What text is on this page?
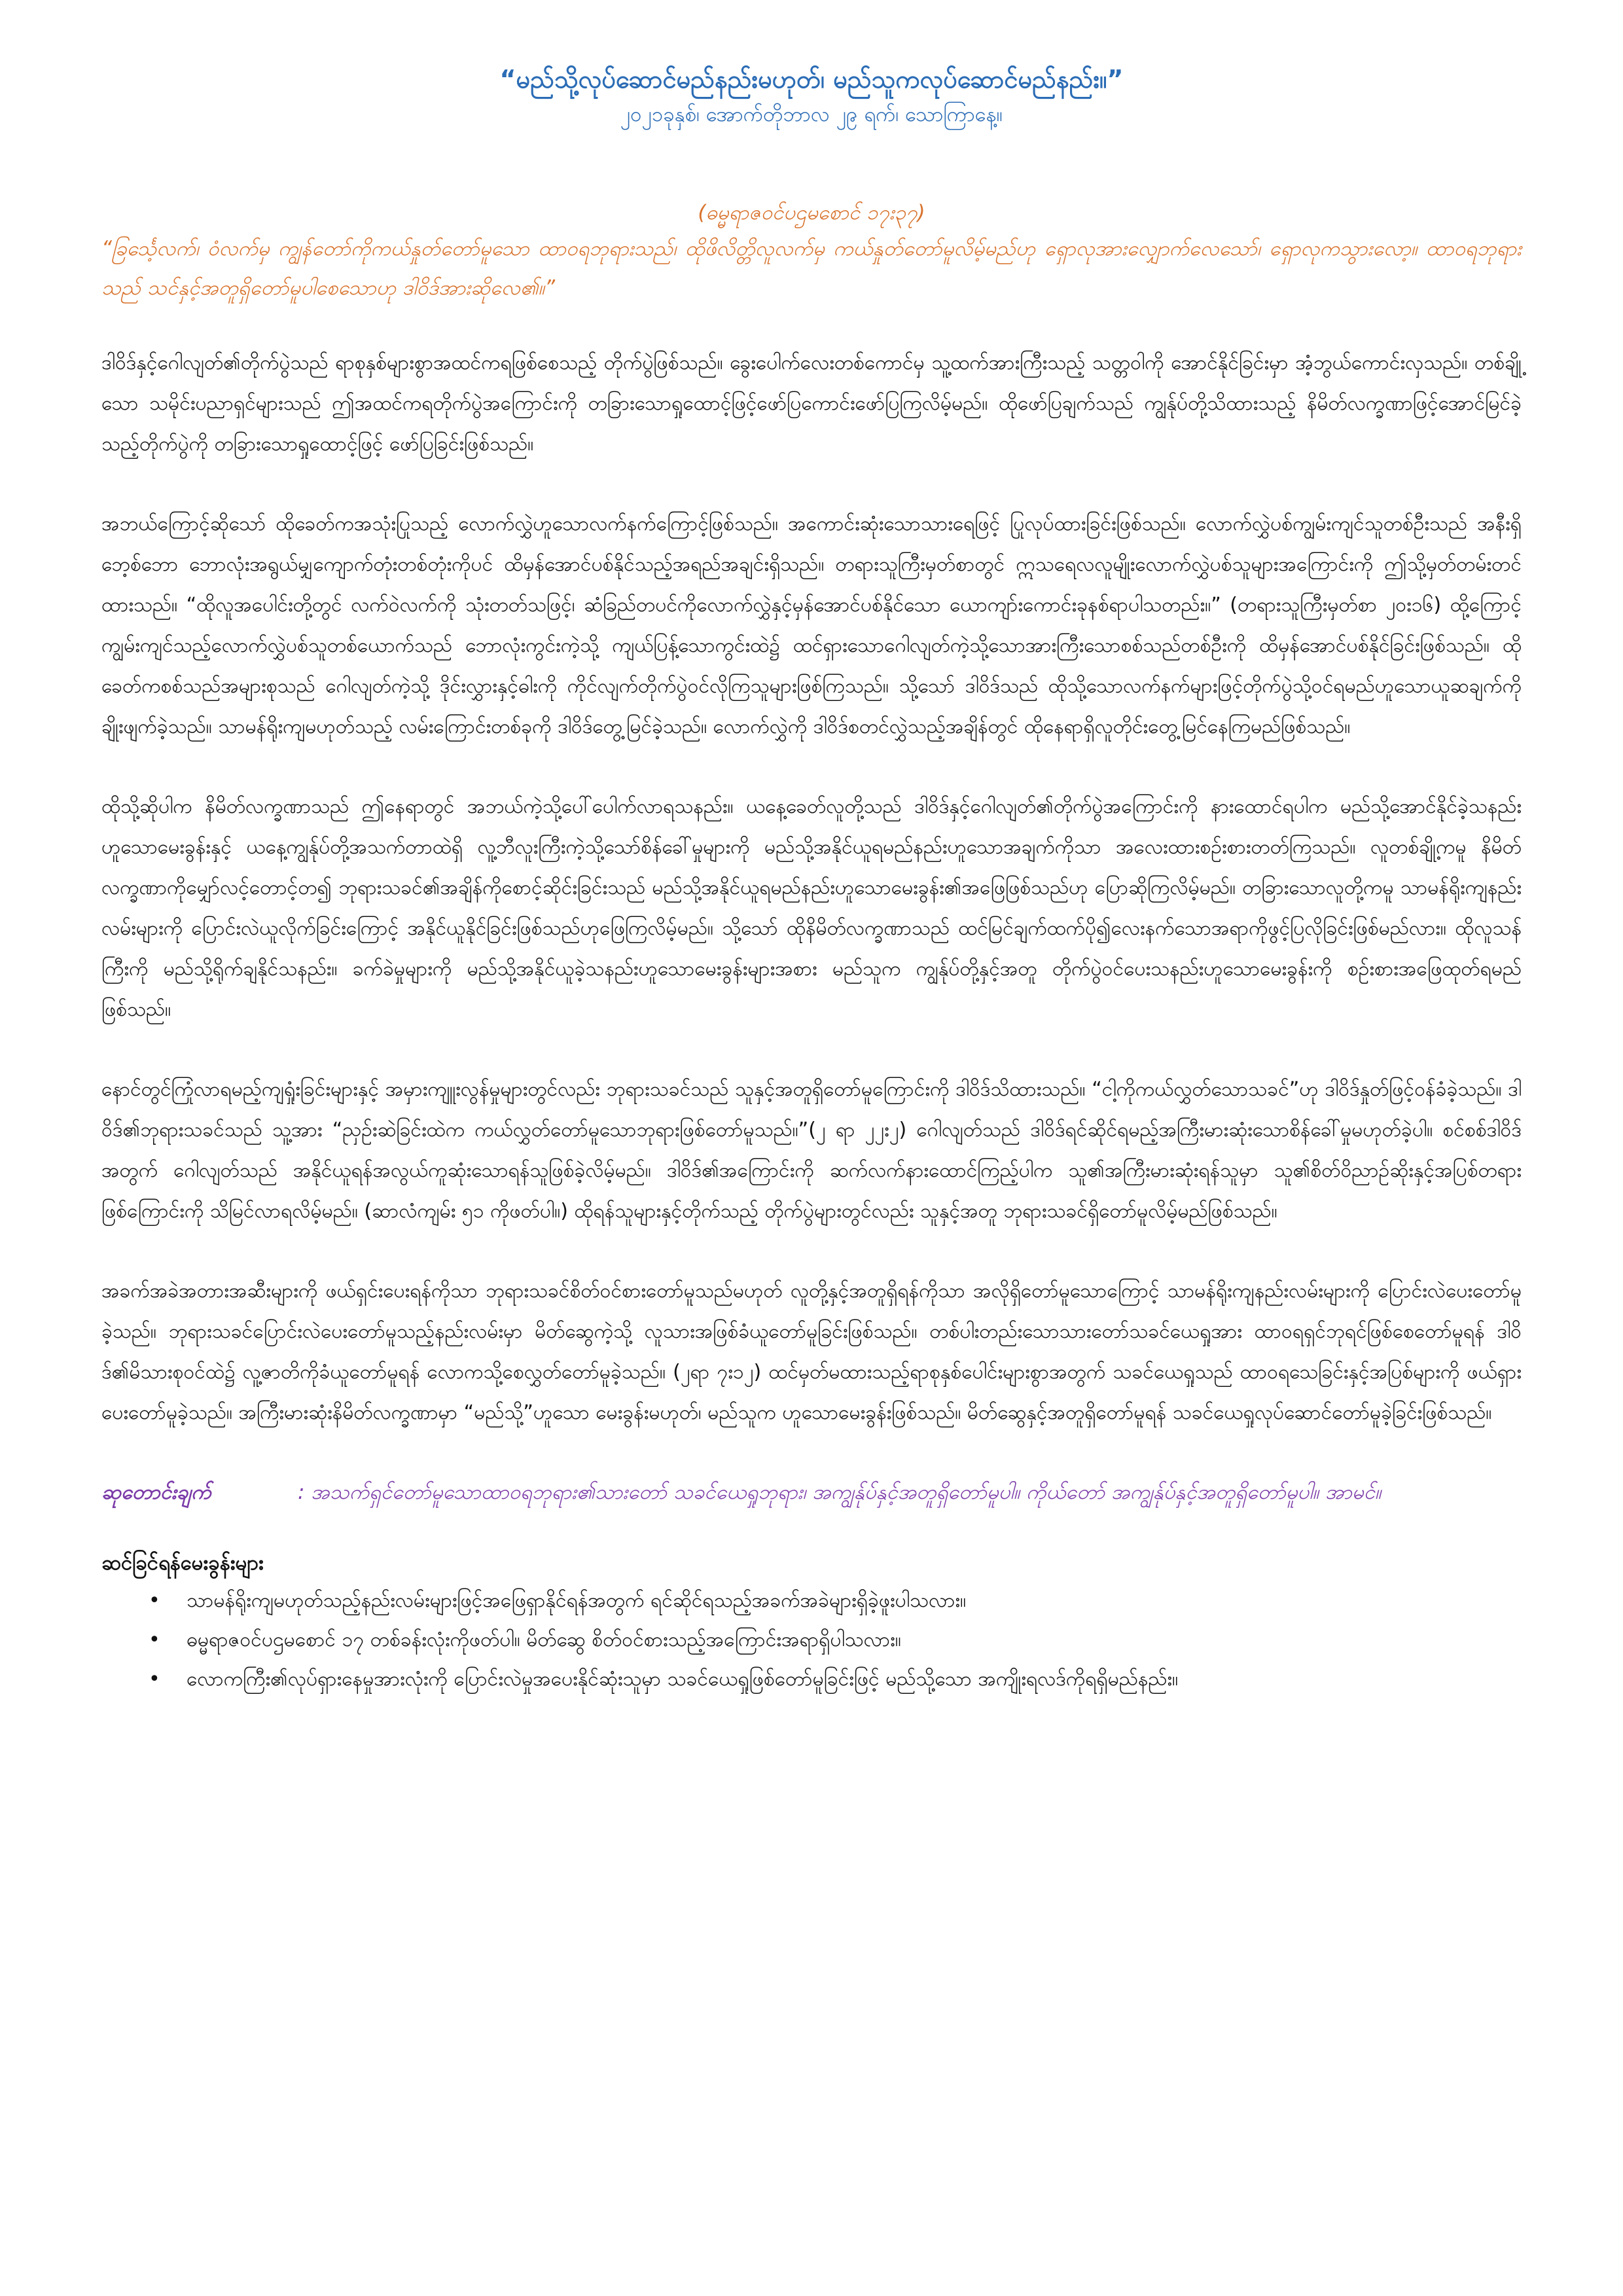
“မည်သို့လုပ်ဆောင်မည်နည်းမဟုတ်၊ မည်သူကလုပ်ဆောင်မည်နည်း။”

၂၀၂၁ခုနှစ်၊ အောက်တိုဘာလ ၂၉ ရက်၊ သောကြာနေ့။

(ဓမ္မရာဇဝင်ပဌမစောင် ၁၇း၃၇)

“ခြင်္သေ့လက်၊ ဝံလက်မှ ကျွန်တော်ကိုကယ်နှုတ်တော်မူသော ထာဝရဘုရားသည်၊ ထိုဖိလိတ္တိလူလက်မှ ကယ်နှုတ်တော်မူလိမ့်မည်ဟု ရှောလုအားလျှောက်လေသော်၊ ရှောလုကသွားလော့။ ထာဝရဘုရားသည် သင်နှင့်အတူရှိတော်မူပါစေသောဟု ဒါဝိဒ်အားဆိုလေ၏။”

ဒါဝိဒ်နှင့်ဂေါလျတ်၏တိုက်ပွဲသည် ရာစုနှစ်များစွာအထင်ကရဖြစ်စေသည့် တိုက်ပွဲဖြစ်သည်။ ခွေးပေါက်လေးတစ်ကောင်မှ သူ့ထက်အားကြီးသည့် သတ္တဝါကို အောင်နိုင်ခြင်းမှာ အံ့ဘွယ်ကောင်းလှသည်။ တစ်ချို့သော သမိုင်းပညာရှင်များသည် ဤအထင်ကရတိုက်ပွဲအကြောင်းကို တခြားသောရှုထောင့်ဖြင့်ဖော်ပြကောင်းဖော်ပြကြလိမ့်မည်။ ထိုဖော်ပြချက်သည် ကျွန်ုပ်တို့သိထားသည့် နိမိတ်လက္ခဏာဖြင့်အောင်မြင်ခဲ့သည့်တိုက်ပွဲကို တခြားသောရှုထောင့်ဖြင့် ဖော်ပြခြင်းဖြစ်သည်။

အဘယ်ကြောင့်ဆိုသော် ထိုခေတ်ကအသုံးပြုသည့် လောက်လွှဲဟူသောလက်နက်ကြောင့်ဖြစ်သည်။ အကောင်းဆုံးသောသားရေဖြင့် ပြုလုပ်ထားခြင်းဖြစ်သည်။ လောက်လွှဲပစ်ကျွမ်းကျင်သူတစ်ဦးသည် အနီးရှိဘေ့စ်ဘော ဘောလုံးအရွယ်မျှကျောက်တုံးတစ်တုံးကိုပင် ထိမှန်အောင်ပစ်နိုင်သည့်အရည်အချင်းရှိသည်။ တရားသူကြီးမှတ်စာတွင် ဣသရေလလူမျိုးလောက်လွှဲပစ်သူများအကြောင်းကို ဤသို့မှတ်တမ်းတင်ထားသည်။ “ထိုလူအပေါင်းတို့တွင် လက်ဝဲလက်ကို သုံးတတ်သဖြင့်၊ ဆံခြည်တပင်ကိုလောက်လွှဲနှင့်မှန်အောင်ပစ်နိုင်သော ယောကျာ်းကောင်းခုနစ်ရာပါသတည်း။” (တရားသူကြီးမှတ်စာ ၂၀း၁၆) ထို့ကြောင့် ကျွမ်းကျင်သည့်လောက်လွှဲပစ်သူတစ်ယောက်သည် ဘောလုံးကွင်းကဲ့သို့ ကျယ်ပြန့်သောကွင်းထဲ၌ ထင်ရှားသောဂေါလျတ်ကဲ့သို့သောအားကြီးသောစစ်သည်တစ်ဦးကို ထိမှန်အောင်ပစ်နိုင်ခြင်းဖြစ်သည်။ ထိုခေတ်ကစစ်သည်အများစုသည် ဂေါလျတ်ကဲ့သို့ ဒိုင်းလွှားနှင့်ဓါးကို ကိုင်လျက်တိုက်ပွဲဝင်လိုကြသူများဖြစ်ကြသည်။ သို့သော် ဒါဝိဒ်သည် ထိုသို့သောလက်နက်များဖြင့်တိုက်ပွဲသို့ဝင်ရမည်ဟူသောယူဆချက်ကို ချိုးဖျက်ခဲ့သည်။ သာမန်ရိုးကျမဟုတ်သည့် လမ်းကြောင်းတစ်ခုကို ဒါဝိဒ်တွေ့မြင်ခဲ့သည်။ လောက်လွှဲကို ဒါဝိဒ်စတင်လွှဲသည့်အချိန်တွင် ထိုနေရာရှိလူတိုင်းတွေ့မြင်နေကြမည်ဖြစ်သည်။

ထိုသို့ဆိုပါက နိမိတ်လက္ခဏာသည် ဤနေရာတွင် အဘယ်ကဲ့သို့ပေါ်ပေါက်လာရသနည်း။ ယနေ့ခေတ်လူတို့သည် ဒါဝိဒ်နှင့်ဂေါလျတ်၏တိုက်ပွဲအကြောင်းကို နားထောင်ရပါက မည်သို့အောင်နိုင်ခဲ့သနည်းဟူသောမေးခွန်းနှင့် ယနေ့ကျွန်ုပ်တို့အသက်တာထဲရှိ လူ့ဘီလူးကြီးကဲ့သို့သော်စိန်ခေါ်မှုများကို မည်သို့အနိုင်ယူရမည်နည်းဟူသောအချက်ကိုသာ အလေးထားစဉ်းစားတတ်ကြသည်။ လူတစ်ချို့ကမူ နိမိတ်လက္ခဏာကိုမျှော်လင့်တောင့်တ၍ ဘုရားသခင်၏အချိန်ကိုစောင့်ဆိုင်းခြင်းသည် မည်သို့အနိုင်ယူရမည်နည်းဟူသောမေးခွန်း၏အဖြေဖြစ်သည်ဟု ပြောဆိုကြလိမ့်မည်။ တခြားသောလူတို့ကမူ သာမန်ရိုးကျနည်းလမ်းများကို ပြောင်းလဲယူလိုက်ခြင်းကြောင့် အနိုင်ယူနိုင်ခြင်းဖြစ်သည်ဟုဖြေကြလိမ့်မည်။ သို့သော် ထိုနိမိတ်လက္ခဏာသည် ထင်မြင်ချက်ထက်ပို၍လေးနက်သောအရာကိုဖွင့်ပြလိုခြင်းဖြစ်မည်လား။ ထိုလူသန်ကြီးကို မည်သို့ရိုက်ချနိုင်သနည်း။ ခက်ခဲမှုများကို မည်သို့အနိုင်ယူခဲ့သနည်းဟူသောမေးခွန်းများအစား မည်သူက ကျွန်ုပ်တို့နှင့်အတူ တိုက်ပွဲဝင်ပေးသနည်းဟူသောမေးခွန်းကို စဉ်းစားအဖြေထုတ်ရမည်ဖြစ်သည်။

နောင်တွင်ကြုံလာရမည့်ကျရှုံးခြင်းများနှင့် အမှားကျူးလွန်မှုများတွင်လည်း ဘုရားသခင်သည် သူနှင့်အတူရှိတော်မူကြောင်းကို ဒါဝိဒ်သိထားသည်။ “ငါ့ကိုကယ်လွှတ်သောသခင်”ဟု ဒါဝိဒ်နှုတ်ဖြင့်ဝန်ခံခဲ့သည်။ ဒါဝိဒ်၏ဘုရားသခင်သည် သူ့အား “ညှဥ်းဆဲခြင်းထဲက ကယ်လွှတ်တော်မူသောဘုရားဖြစ်တော်မူသည်။”(၂ ရာ ၂၂း၂) ဂေါလျတ်သည် ဒါဝိဒ်ရင်ဆိုင်ရမည့်အကြီးမားဆုံးသောစိန်ခေါ်မှုမဟုတ်ခဲ့ပါ။ စင်စစ်ဒါဝိဒ်အတွက် ဂေါလျတ်သည် အနိုင်ယူရန်အလွယ်ကူဆုံးသောရန်သူဖြစ်ခဲ့လိမ့်မည်။ ဒါဝိဒ်၏အကြောင်းကို ဆက်လက်နားထောင်ကြည့်ပါက သူ၏အကြီးမားဆုံးရန်သူမှာ သူ၏စိတ်ဝိညာဥ်ဆိုးနှင့်အပြစ်တရားဖြစ်ကြောင်းကို သိမြင်လာရလိမ့်မည်။ (ဆာလံကျမ်း ၅၁ ကိုဖတ်ပါ။) ထိုရန်သူများနှင့်တိုက်သည့် တိုက်ပွဲများတွင်လည်း သူနှင့်အတူ ဘုရားသခင်ရှိတော်မူလိမ့်မည်ဖြစ်သည်။

အခက်အခဲအတားအဆီးများကို ဖယ်ရှင်းပေးရန်ကိုသာ ဘုရားသခင်စိတ်ဝင်စားတော်မူသည်မဟုတ် လူတို့နှင့်အတူရှိရန်ကိုသာ အလိုရှိတော်မူသောကြောင့် သာမန်ရိုးကျနည်းလမ်းများကို ပြောင်းလဲပေးတော်မူခဲ့သည်။ ဘုရားသခင်ပြောင်းလဲပေးတော်မူသည့်နည်းလမ်းမှာ မိတ်ဆွေကဲ့သို့ လူသားအဖြစ်ခံယူတော်မူခြင်းဖြစ်သည်။ တစ်ပါးတည်းသောသားတော်သခင်ယေရှုအား ထာဝရရှင်ဘုရင်ဖြစ်စေတော်မူရန် ဒါဝိဒ်၏မိသားစုဝင်ထဲ၌ လူ့ဇာတိကိုခံယူတော်မူရန် လောကသို့စေလွှတ်တော်မူခဲ့သည်။ (၂ရာ ၇း၁၂) ထင်မှတ်မထားသည့်ရာစုနှစ်ပေါင်းများစွာအတွက် သခင်ယေရှုသည် ထာဝရသေခြင်းနှင့်အပြစ်များကို ဖယ်ရှားပေးတော်မူခဲ့သည်။ အကြီးမားဆုံးနိမိတ်လက္ခဏာမှာ “မည်သို့”ဟူသော မေးခွန်းမဟုတ်၊ မည်သူက ဟူသောမေးခွန်းဖြစ်သည်။ မိတ်ဆွေနှင့်အတူရှိတော်မူရန် သခင်ယေရှုလုပ်ဆောင်တော်မူခဲ့ခြင်းဖြစ်သည်။

ဆုတောင်းချက်	: အသက်ရှင်တော်မူသောထာဝရဘုရား၏သားတော် သခင်ယေရှုဘုရား၊ အကျွန်ုပ်နှင့်အတူရှိတော်မူပါ။ ကိုယ်တော် အကျွန်ုပ်နှင့်အတူရှိတော်မူပါ။ အာမင်။

ဆင်ခြင်ရန်မေးခွန်းများ

• သာမန်ရိုးကျမဟုတ်သည့်နည်းလမ်းများဖြင့်အဖြေရှာနိုင်ရန်အတွက် ရင်ဆိုင်ရသည့်အခက်အခဲများရှိခဲ့ဖူးပါသလား။
• ဓမ္မရာဇဝင်ပဌမစောင် ၁၇ တစ်ခန်းလုံးကိုဖတ်ပါ။ မိတ်ဆွေ စိတ်ဝင်စားသည့်အကြောင်းအရာရှိပါသလား။
• လောကကြီး၏လုပ်ရှားနေမှုအားလုံးကို ပြောင်းလဲမှုအပေးနိုင်ဆုံးသူမှာ သခင်ယေရှုဖြစ်တော်မူခြင်းဖြင့် မည်သို့သော အကျိုးရလဒ်ကိုရရှိမည်နည်း။
